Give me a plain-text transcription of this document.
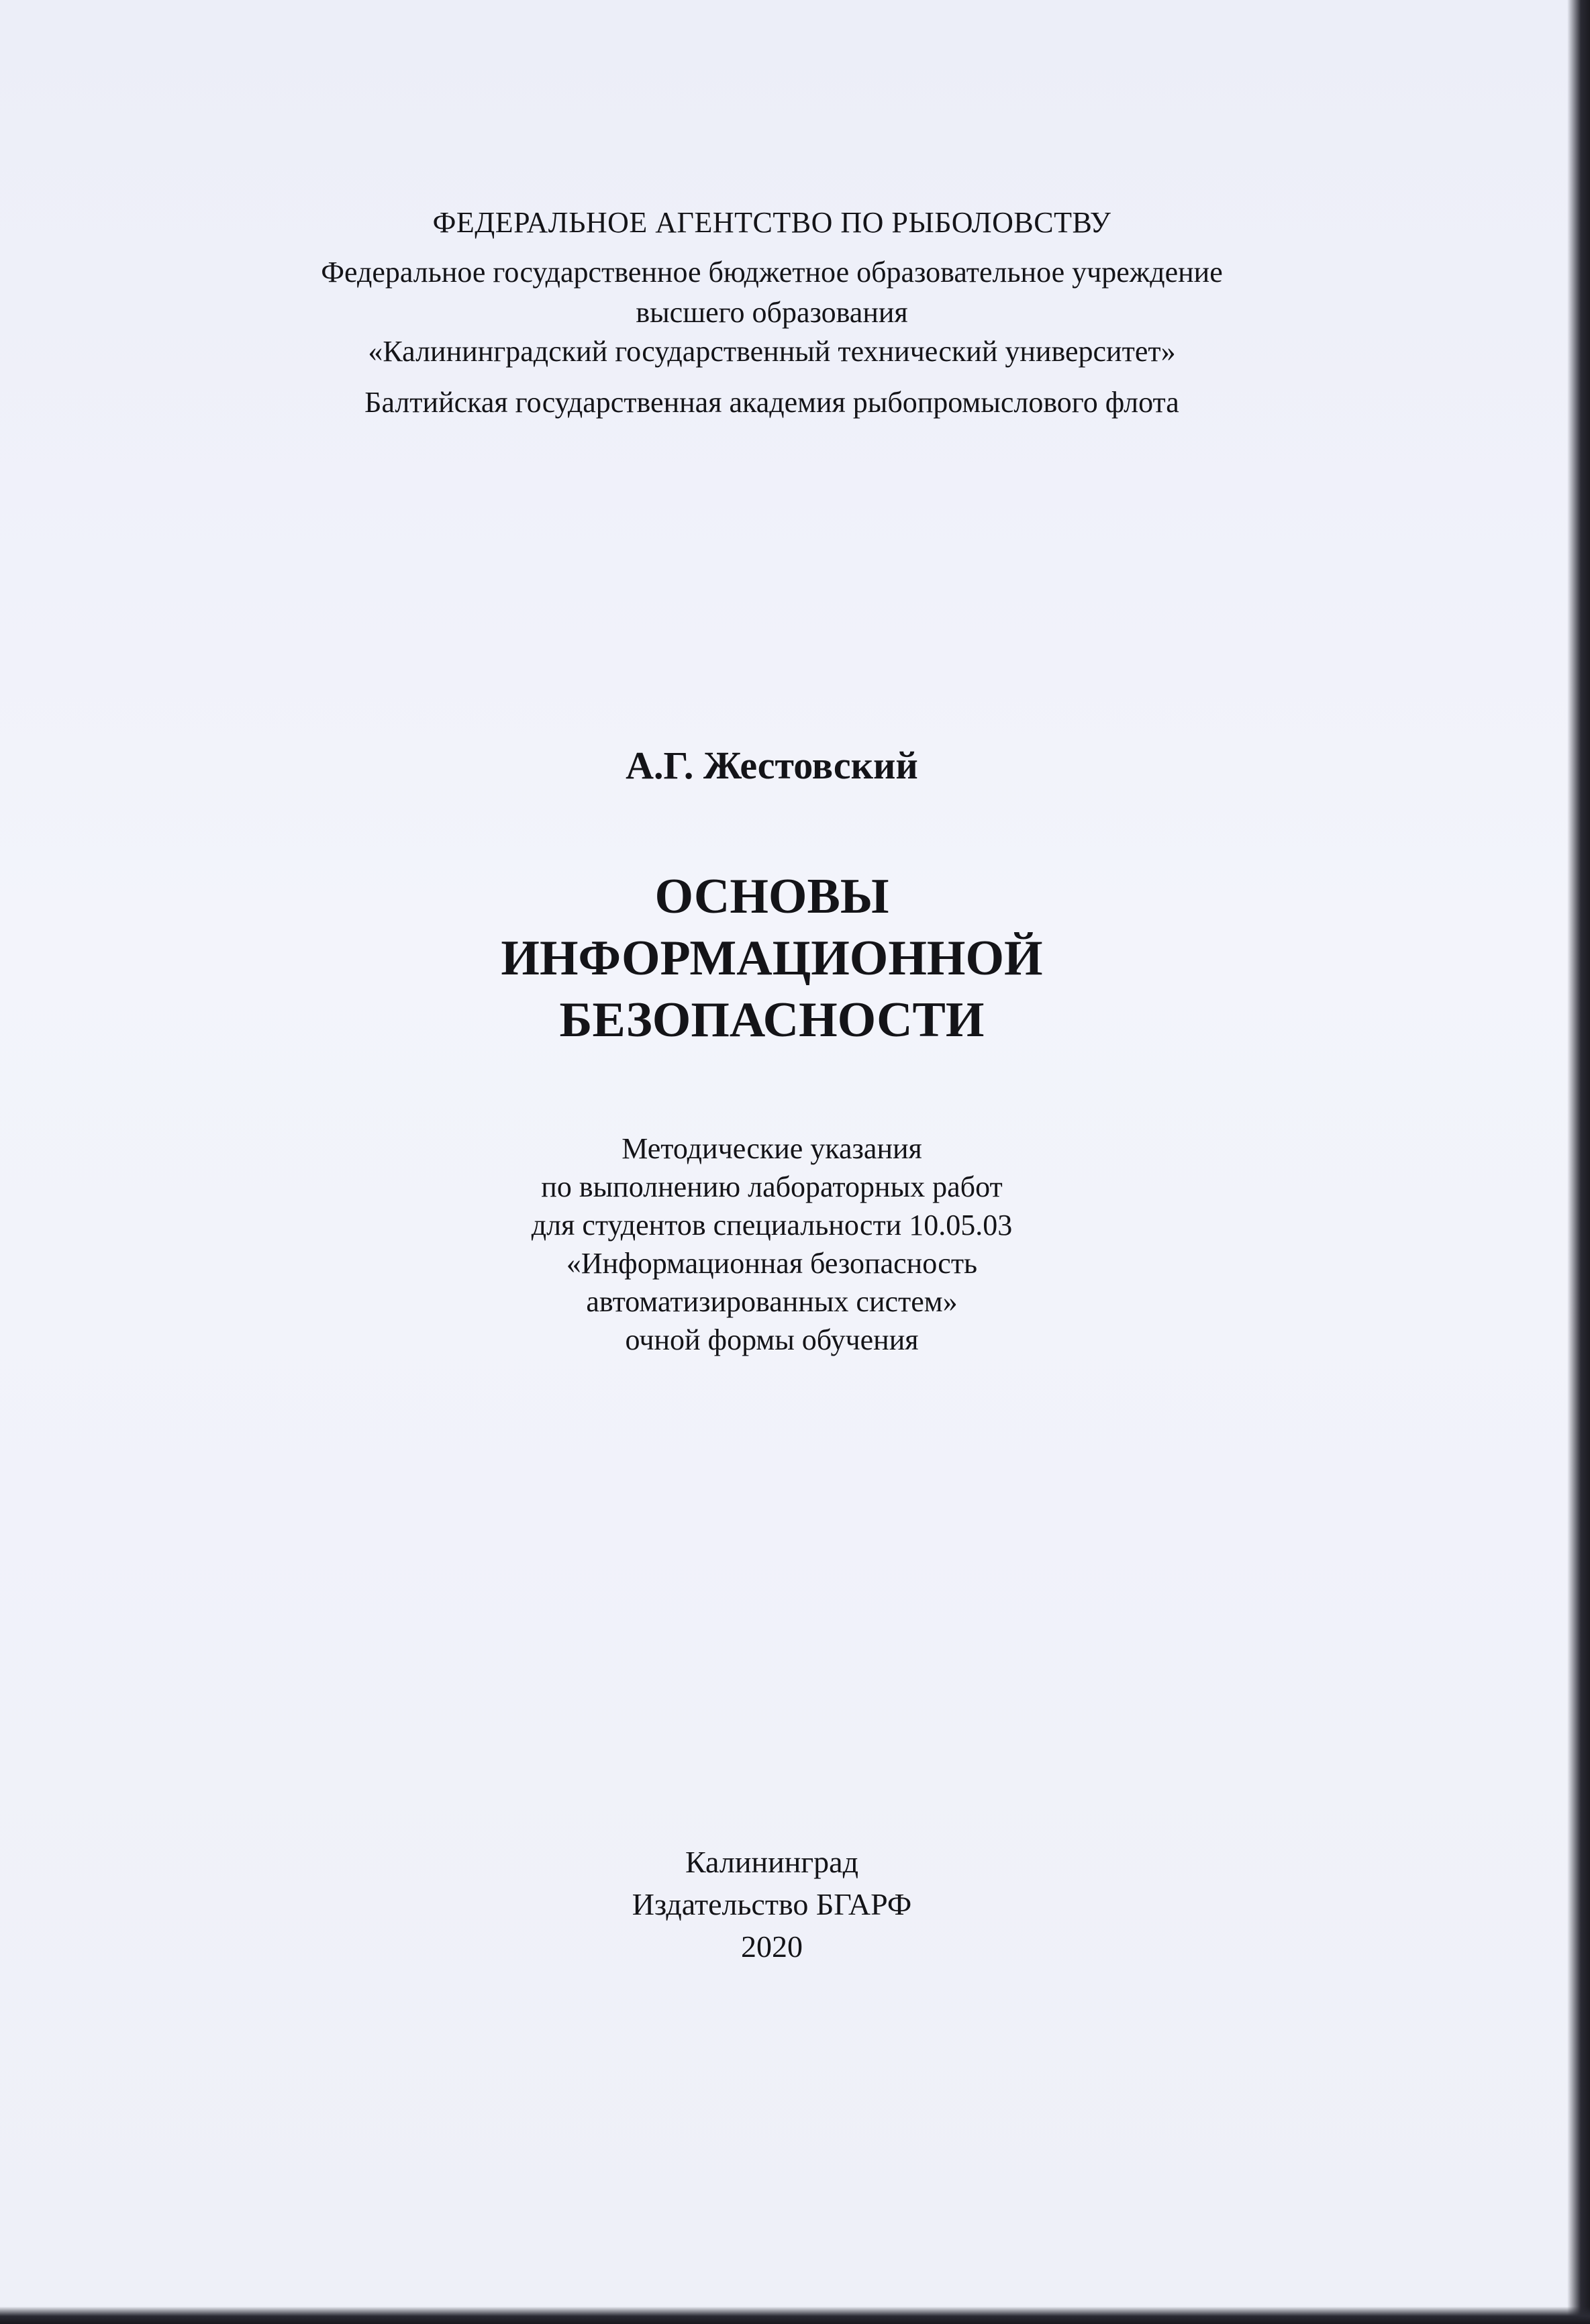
ФЕДЕРАЛЬНОЕ АГЕНТСТВО ПО РЫБОЛОВСТВУ
Федеральное государственное бюджетное образовательное учреждение
высшего образования
«Калининградский государственный технический университет»
Балтийская государственная академия рыбопромыслового флота
А.Г. Жестовский
ОСНОВЫ
ИНФОРМАЦИОННОЙ
БЕЗОПАСНОСТИ
Методические указания
по выполнению лабораторных работ
для студентов специальности 10.05.03
«Информационная безопасность
автоматизированных систем»
очной формы обучения
Калининград
Издательство БГАРФ
2020
